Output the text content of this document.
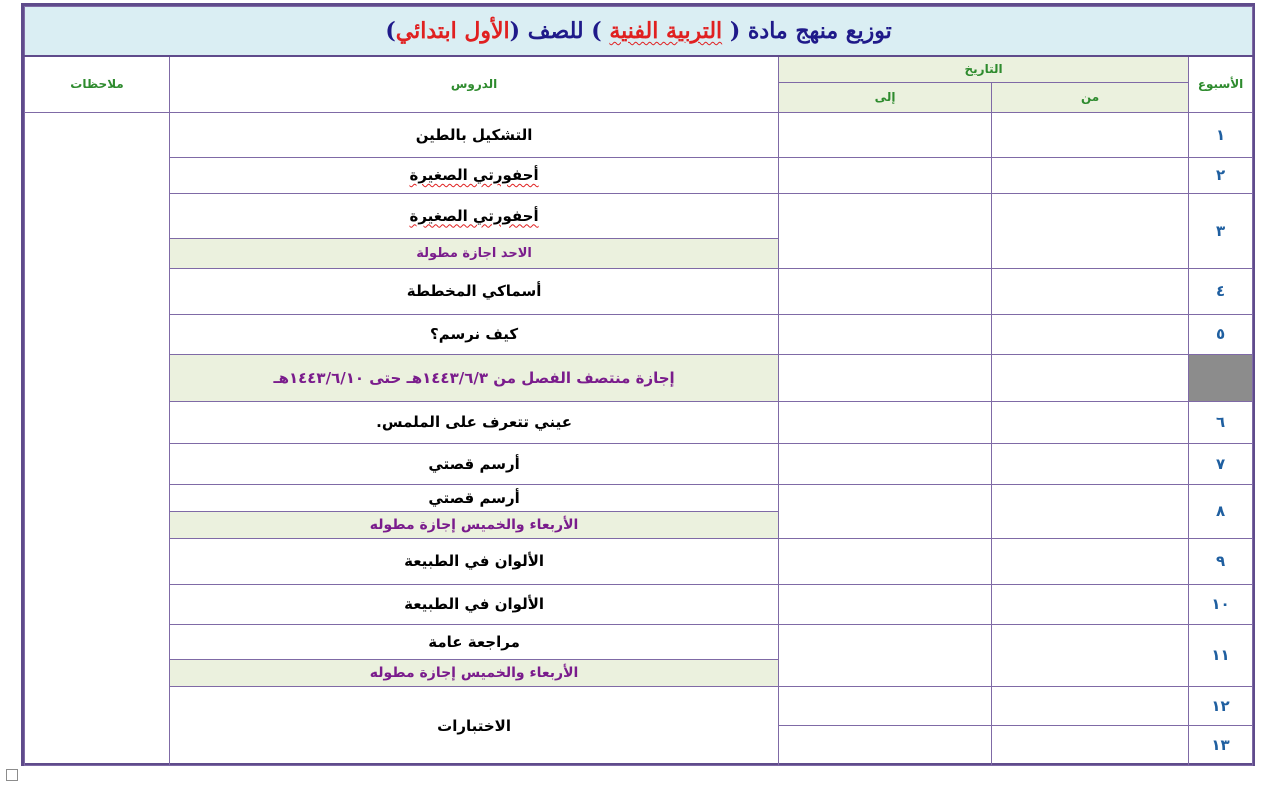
توزيع منهج مادة ( التربية الفنية ) للصف (الأول ابتدائي)				
الأسبوع	التاريخ		الدروس	ملاحظات
	من	إلى		
١			التشكيل بالطين	
٢			أحفورتي الصغيرة	
٣			أحفورتي الصغيرة	
			الاحد اجازة مطولة	
٤			أسماكي المخططة	
٥			كيف نرسم؟	
			إجازة منتصف الفصل من ١٤٤٣/٦/٣هـ حتى ١٤٤٣/٦/١٠هـ	
٦			عيني تتعرف على الملمس.	
٧			أرسم قصتي	
٨			أرسم قصتي	
			الأربعاء والخميس إجازة مطوله	
٩			الألوان في الطبيعة	
١٠			الألوان في الطبيعة	
١١			مراجعة عامة	
			الأربعاء والخميس إجازة مطوله	
١٢			الاختبارات	
١٣				
